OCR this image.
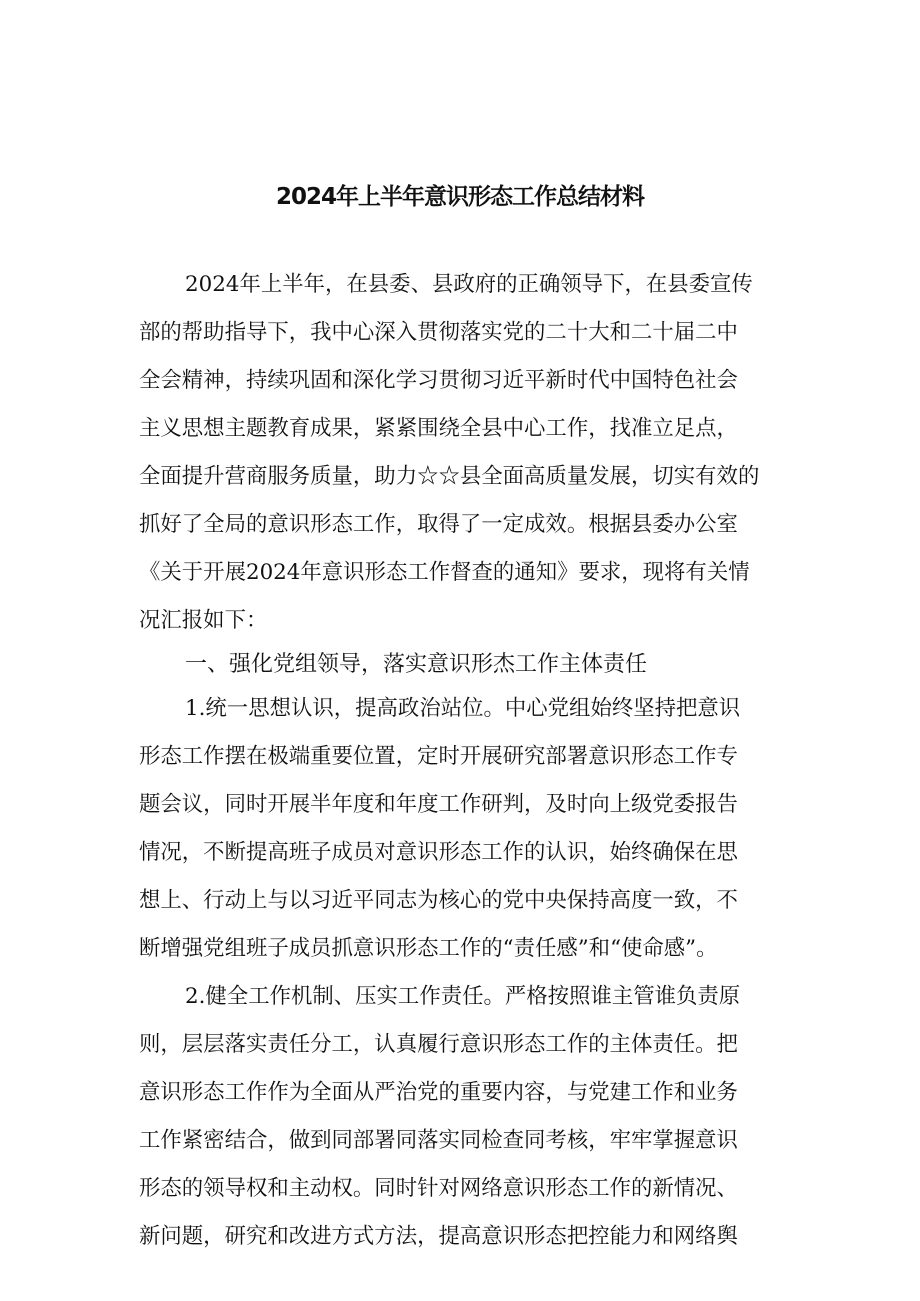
2024年上半年意识形态工作总结材料
2024年上半年，在县委、县政府的正确领导下，在县委宣传
部的帮助指导下，我中心深入贯彻落实党的二十大和二十届二中
全会精神，持续巩固和深化学习贯彻习近平新时代中国特色社会
主义思想主题教育成果，紧紧围绕全县中心工作，找准立足点，
全面提升营商服务质量，助力☆☆县全面高质量发展，切实有效的
抓好了全局的意识形态工作，取得了一定成效。根据县委办公室
《关于开展2024年意识形态工作督查的通知》要求，现将有关情
况汇报如下：
一、强化党组领导，落实意识形杰工作主体责任
1.统一思想认识，提高政治站位。中心党组始终坚持把意识
形态工作摆在极端重要位置，定时开展研究部署意识形态工作专
题会议，同时开展半年度和年度工作研判，及时向上级党委报告
情况，不断提高班子成员对意识形态工作的认识，始终确保在思
想上、行动上与以习近平同志为核心的党中央保持高度一致，不
断增强党组班子成员抓意识形态工作的“责任感”和“使命感”。
2.健全工作机制、压实工作责任。严格按照谁主管谁负责原
则，层层落实责任分工，认真履行意识形态工作的主体责任。把
意识形态工作作为全面从严治党的重要内容，与党建工作和业务
工作紧密结合，做到同部署同落实同检查同考核，牢牢掌握意识
形态的领导权和主动权。同时针对网络意识形态工作的新情况、
新问题，研究和改进方式方法，提高意识形态把控能力和网络舆
